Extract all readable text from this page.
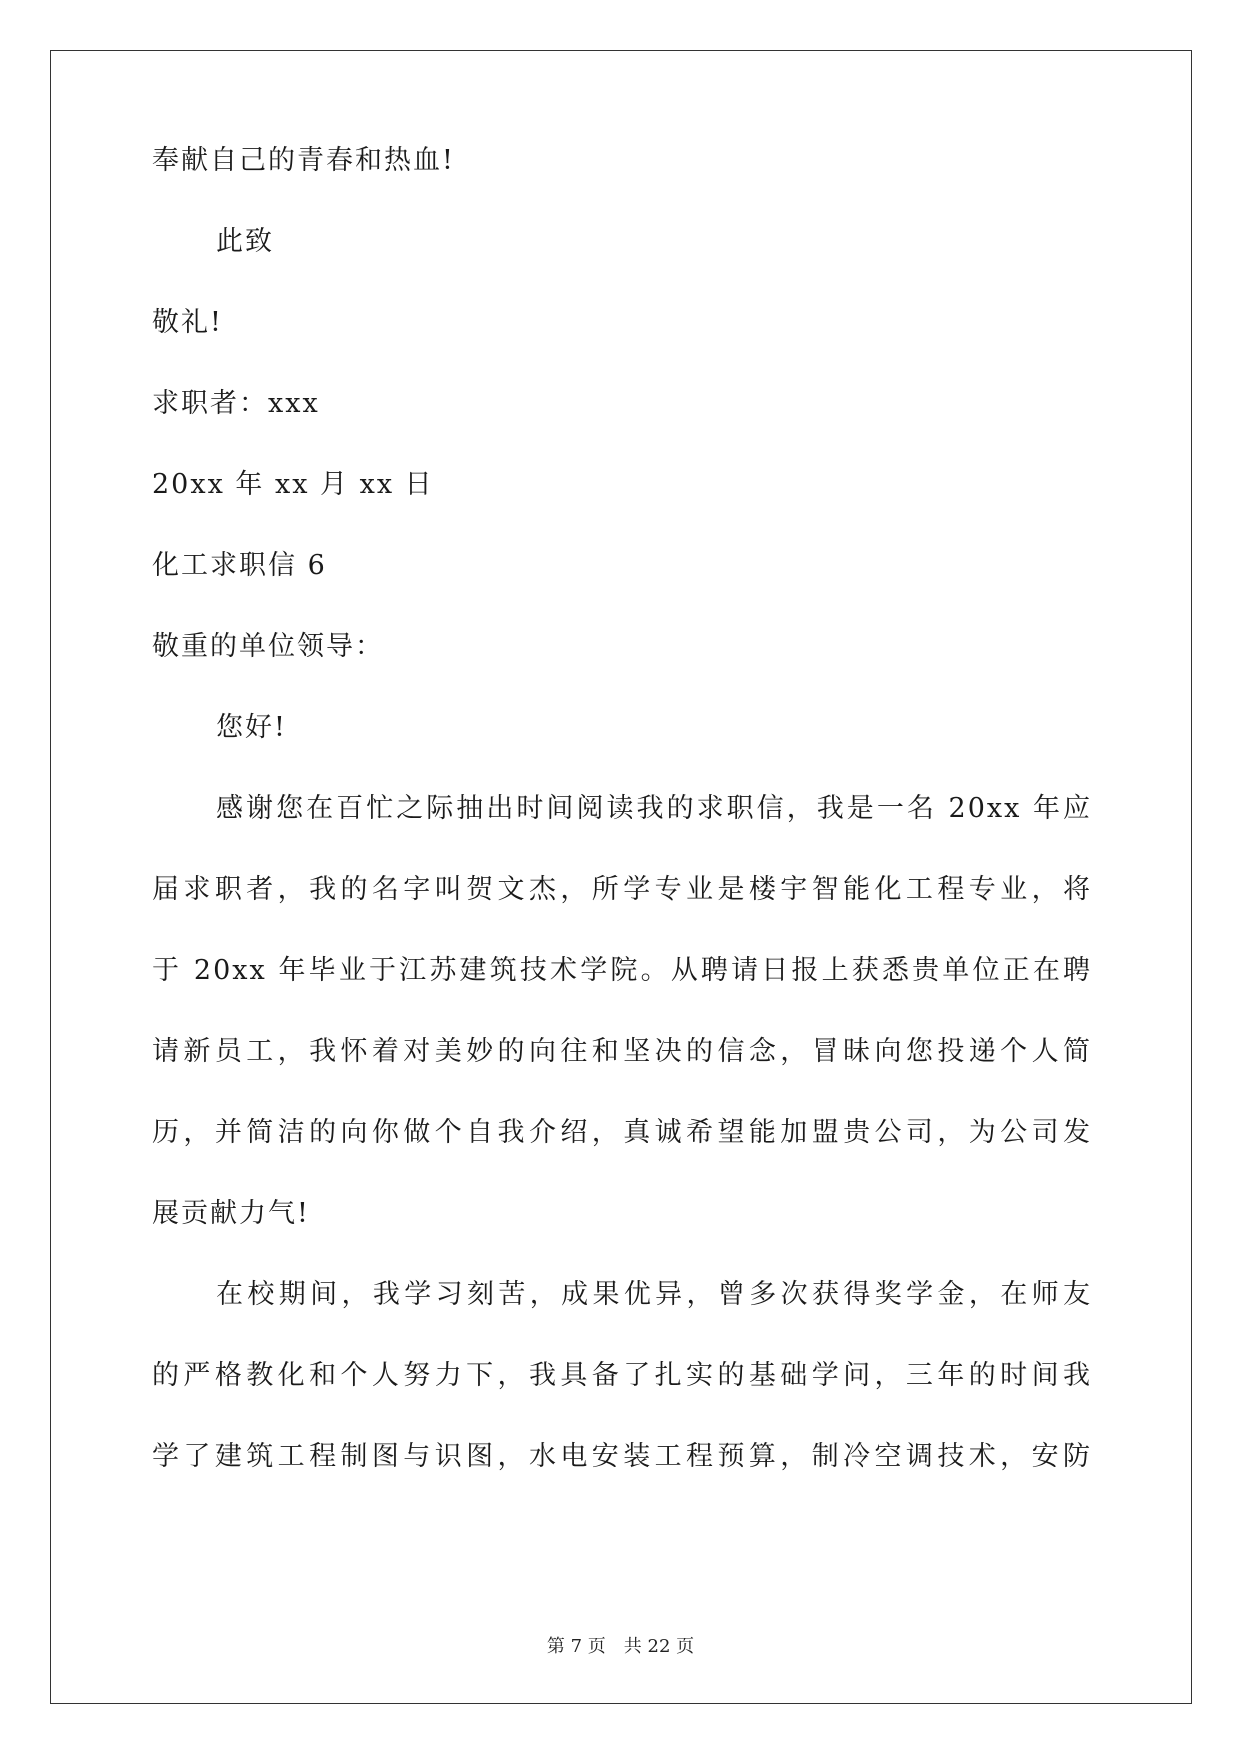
奉献自己的青春和热血!
此致
敬礼!
求职者：xxx
20xx 年 xx 月 xx 日
化工求职信 6
敬重的单位领导：
您好!
感谢您在百忙之际抽出时间阅读我的求职信，我是一名 20xx 年应
届求职者，我的名字叫贺文杰，所学专业是楼宇智能化工程专业，将
于 20xx 年毕业于江苏建筑技术学院。从聘请日报上获悉贵单位正在聘
请新员工，我怀着对美妙的向往和坚决的信念，冒昧向您投递个人简
历，并简洁的向你做个自我介绍，真诚希望能加盟贵公司，为公司发
展贡献力气!
在校期间，我学习刻苦，成果优异，曾多次获得奖学金，在师友
的严格教化和个人努力下，我具备了扎实的基础学问，三年的时间我
学了建筑工程制图与识图，水电安装工程预算，制冷空调技术，安防
第 7 页　共 22 页
